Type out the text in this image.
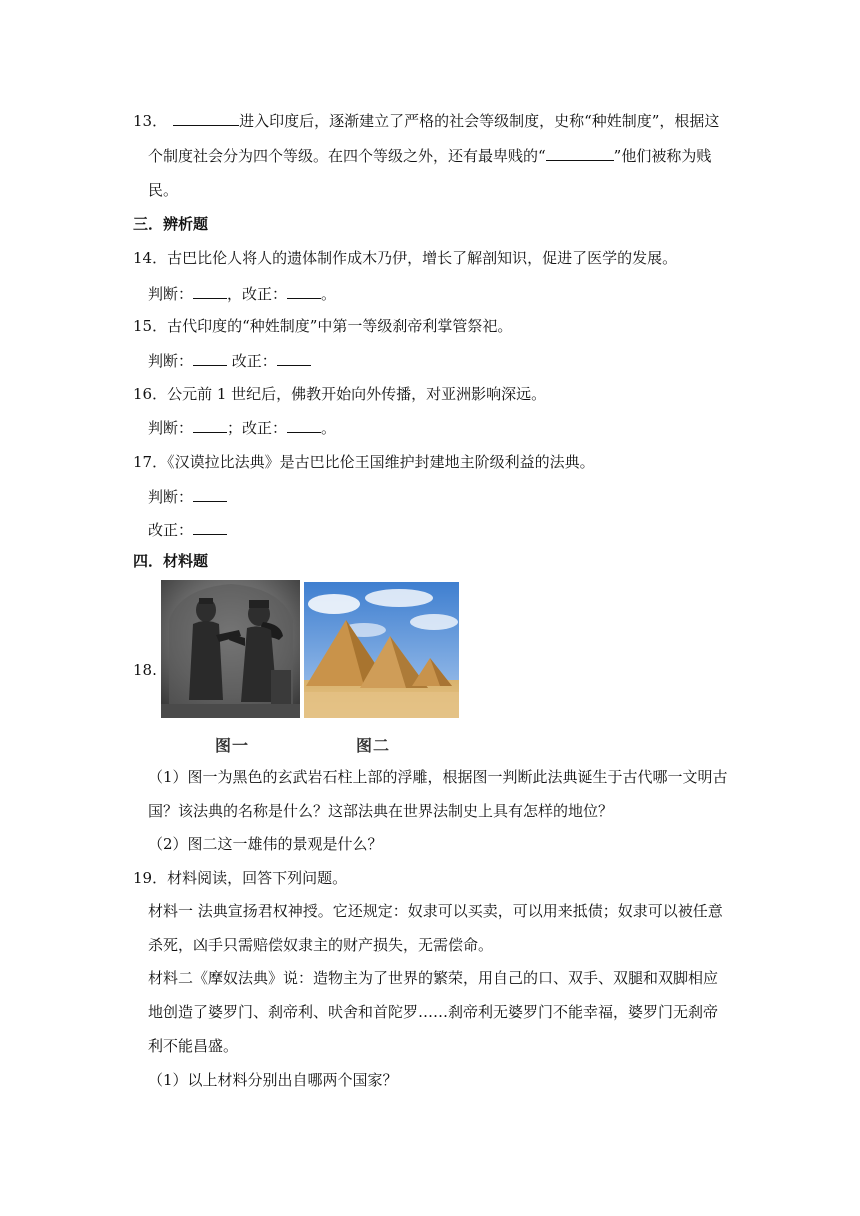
13．	进入印度后，逐渐建立了严格的社会等级制度，史称“种姓制度”，根据这
个制度社会分为四个等级。在四个等级之外，还有最卑贱的“	”他们被称为贱
民。
三．辨析题
14．古巴比伦人将人的遗体制作成木乃伊，增长了解剖知识，促进了医学的发展。
判断： ，改正： 。
15．古代印度的“种姓制度”中第一等级刹帝利掌管祭祀。
判断： 改正：
16．公元前 1 世纪后，佛教开始向外传播，对亚洲影响深远。
判断： ；改正： 。
17．《汉谟拉比法典》是古巴比伦王国维护封建地主阶级利益的法典。
判断：
改正：
四．材料题
18.
图一	图二
（1）图一为黑色的玄武岩石柱上部的浮雕，根据图一判断此法典诞生于古代哪一文明古
国？该法典的名称是什么？这部法典在世界法制史上具有怎样的地位？
（2）图二这一雄伟的景观是什么？
19．材料阅读，回答下列问题。
材料一 法典宣扬君权神授。它还规定：奴隶可以买卖，可以用来抵债；奴隶可以被任意
杀死，凶手只需赔偿奴隶主的财产损失，无需偿命。
材料二《摩奴法典》说：造物主为了世界的繁荣，用自己的口、双手、双腿和双脚相应
地创造了婆罗门、刹帝利、吠舍和首陀罗……刹帝利无婆罗门不能幸福，婆罗门无刹帝
利不能昌盛。
（1）以上材料分别出自哪两个国家？
